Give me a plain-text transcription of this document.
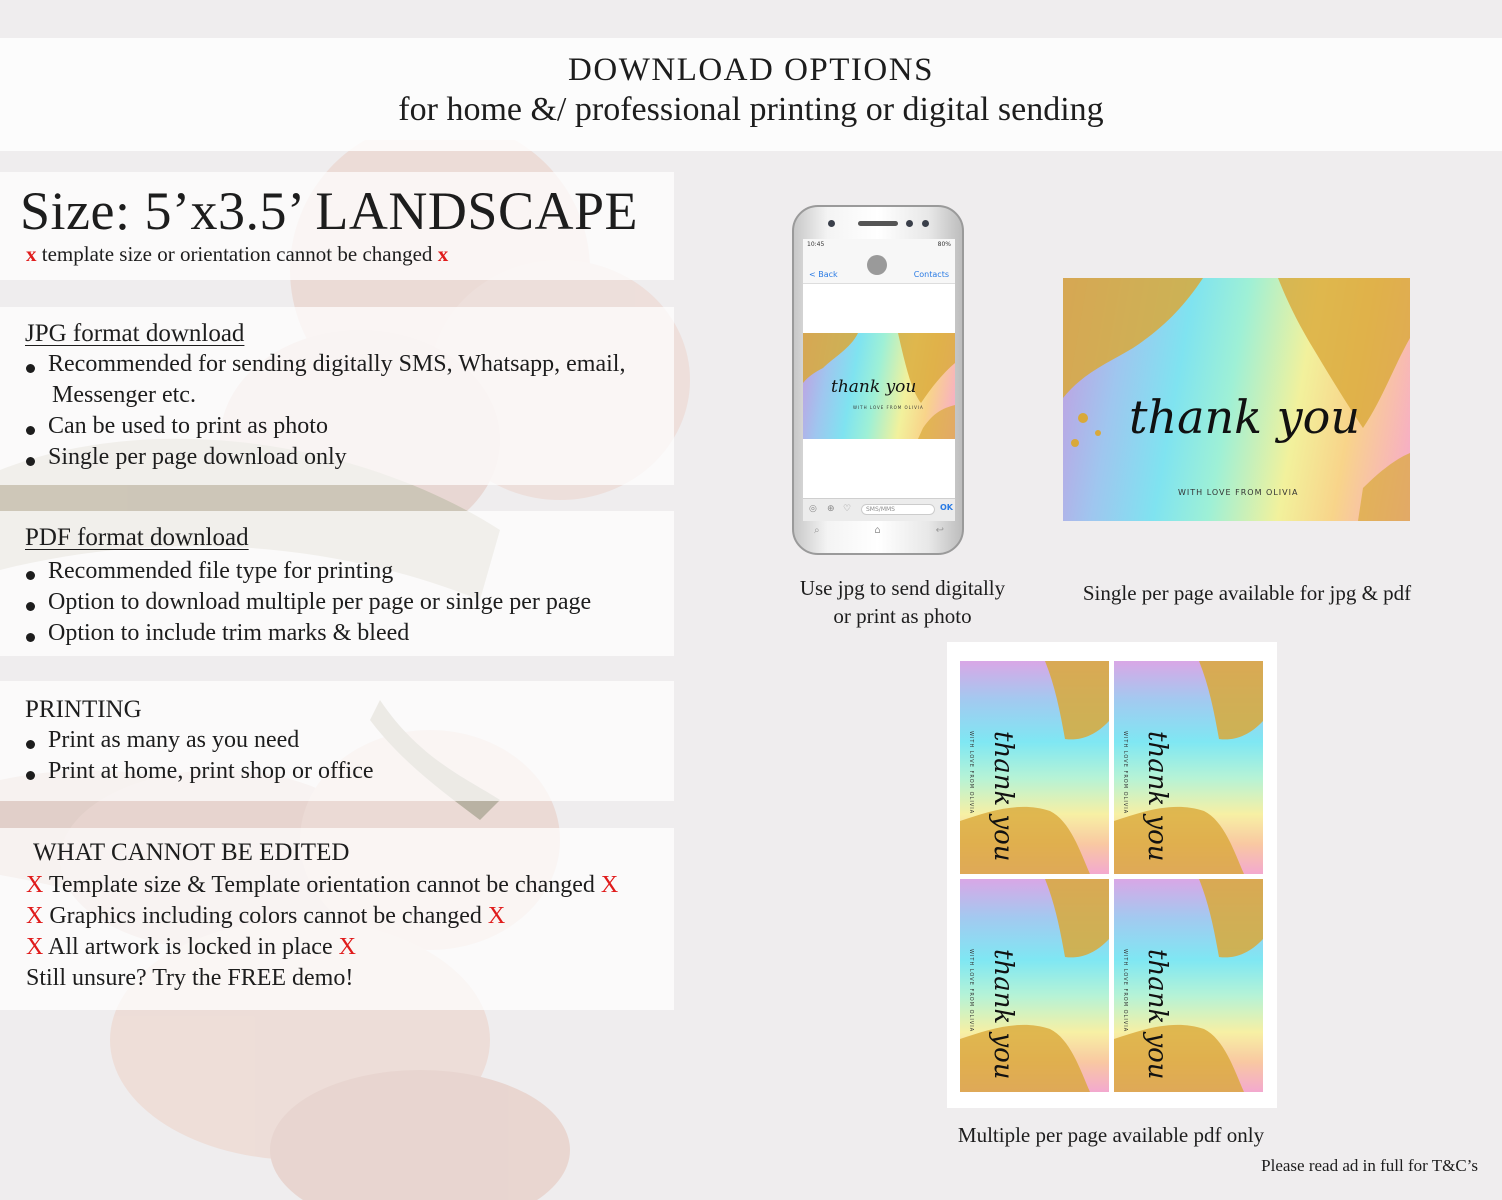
DOWNLOAD OPTIONS
for home &/ professional printing or digital sending
Size: 5’x3.5’ LANDSCAPE
x template size or orientation cannot be changed x
JPG format download
Recommended for sending digitally SMS, Whatsapp, email,
Messenger etc.
Can be used to print as photo
Single per page download only
PDF format download
Recommended file type for printing
Option to download multiple per page or sinlge per page
Option to include trim marks & bleed
PRINTING
Print as many as you need
Print at home, print shop or office
WHAT CANNOT BE EDITED
X Template size & Template orientation cannot be changed X
X Graphics including colors cannot be changed X
X All artwork is locked in place X
Still unsure? Try the FREE demo!
10:45	80%
< Back	Contacts
thank you
WITH LOVE FROM OLIVIA
◎ ⊕ ♡	SMS/MMS	OK
⌕	⌂	↩
Use jpg to send digitally
or print as photo
thank you
WITH LOVE FROM OLIVIA
Single per page available for jpg & pdf
thank you
WITH LOVE FROM OLIVIA	thank you
WITH LOVE FROM OLIVIA
thank you
WITH LOVE FROM OLIVIA	thank you
WITH LOVE FROM OLIVIA
Multiple per page available pdf only
Please read ad in full for T&C’s
